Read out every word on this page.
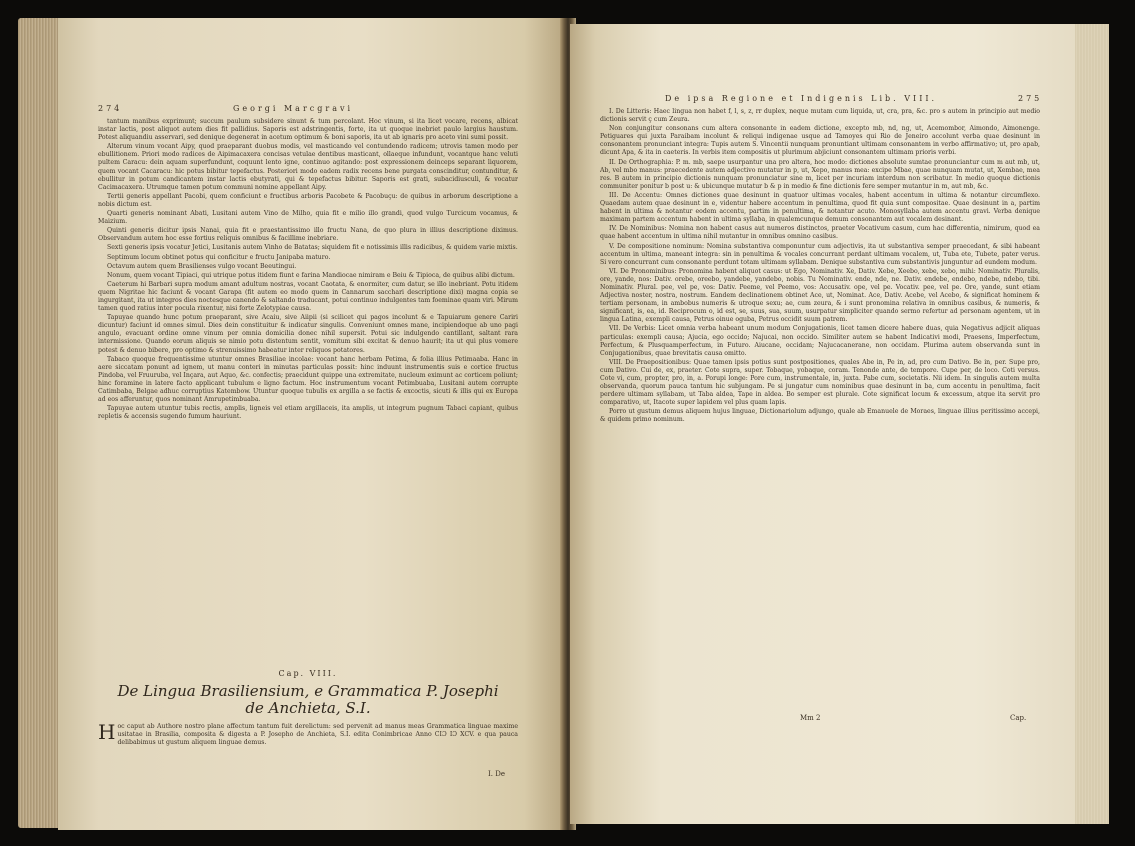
274	Georgi Marcgravi

tantum manibus exprimunt; succum paulum subsidere sinunt & tum percolant. Hoc vinum, si ita licet vocare, recens, albicat instar lactis, post aliquot autem dies fit pallidius. Saporis est adstringentis, forte, ita ut quoque inebriet paulo largius haustum. Potest aliquandiu asservari, sed denique degenerat in acetum optimum & boni saporis, ita ut ab ignaris pro aceto vini sumi possit.

Alterum vinum vocant Aipy, quod praeparant duobus modis, vel masticando vel contundendo radicem; utrovis tamen modo per ebullitionem. Priori modo radices de Aipimacaxera concisas vetulae dentibus masticant, ollaeque infundunt, vocantque hanc veluti pultem Caracu: dein aquam superfundunt, coquunt lento igne, continuo agitando: post expressionem deinceps separant liquorem, quem vocant Cacaracu: hic potus bibitur tepefactus. Posteriori modo eadem radix recens bene purgata conscinditur, contunditur, & ebullitur in potum candicantem instar lactis ebutyrati, qui & tepefactus bibitur. Saporis est grati, subacidiusculi, & vocatur Cacimacaxera. Utrumque tamen potum communi nomine appellant Aipy.

Tertii generis appellant Pacobi, quem conficiunt e fructibus arboris Pacobete & Pacobuçu: de quibus in arborum descriptione a nobis dictum est.

Quarti generis nominant Abati, Lusitani autem Vino de Milho, quia fit e milio illo grandi, quod vulgo Turcicum vocamus, & Maizium.

Quinti generis dicitur ipsis Nanai, quia fit e praestantissimo illo fructu Nana, de quo plura in illius descriptione diximus. Observandum autem hoc esse fortius reliquis omnibus & facillime inebriare.

Sexti generis ipsis vocatur Jetici, Lusitanis autem Vinho de Batatas; siquidem fit e notissimis illis radicibus, & quidem varie mixtis.

Septimum locum obtinet potus qui conficitur e fructu Janipaba maturo.

Octavum autem quem Brasilienses vulgo vocant Beeutingui.

Nonum, quem vocant Tipiaci, qui utrique potus itidem fiunt e farina Mandiocae nimiram e Beiu & Tipioca, de quibus alibi dictum.

Caeterum hi Barbari supra modum amant adultum nostras, vocant Caotata, & enormiter, cum datur, se illo inebriant. Potu itidem quem Nigritae hic faciunt & vocant Garapa (fit autem eo modo quem in Cannarum sacchari descriptione dixi) magna copia se ingurgitant, ita ut integros dies noctesque canendo & saltando traducant, potui continuo indulgentes tam foeminae quam viri. Mirum tamen quod ratius inter pocula rixentur, nisi forte Zelotypiae causa.

Tapuyae quando hunc potum praeparant, sive Acaiu, sive Aiipii (si scilicet qui pagos incolunt & e Tapuiarum genere Cariri dicuntur) faciunt id omnes simul. Dies dein constituitur & indicatur singulis. Conveniunt omnes mane, incipiendoque ab uno pagi angulo, evacuant ordine omne vinum per omnia domicilia donec nihil supersit. Potui sic indulgendo cantillant, saltant rara intermissione. Quando eorum aliquis se nimio potu distentum sentit, vomitum sibi excitat & denuo haurit; ita ut qui plus vomere potest & denuo bibere, pro optimo & strenuissimo habeatur inter reliquos potatores.

Tabaco quoque frequentissime utuntur omnes Brasiliae incolae: vocant hanc herbam Petima, & folia illius Petimaaba. Hanc in aere siccatam ponunt ad ignem, ut manu conteri in minutas particulas possit: hinc induunt instrumentis suis e cortice fructus Pindoba, vel Fruuruba, vel Inçara, aut Aquo, &c. confectis; praecidunt quippe una extremitate, nucleum eximunt ac corticem poliunt; hinc foramine in latere facto applicant tubulum e ligno factum. Hoc instrumentum vocant Petimbuaba, Lusitani autem corrupte Catimbaba, Belgae adhuc corruptius Katembow. Utuntur quoque tubulis ex argilla a se factis & excoctis, sicuti & illis qui ex Europa ad eos afferuntur, quos nominant Amrupetimbuaba.

Tapuyae autem utuntur tubis rectis, amplis, ligneis vel etiam argillaceis, ita amplis, ut integrum pugnum Tabaci capiant, quibus repletis & accensis sugendo fumum hauriunt.

Cap. VIII.
De Lingua Brasiliensium, e Grammatica P. Josephi
de Anchieta, S.I.
Hoc caput ab Authore nostro plane affectum tantum fuit derelictum: sed pervenit ad manus meas Grammatica linguae maxime usitatae in Brasilia, composita & digesta a P. Josepho de Anchieta, S.I. edita Conimbricae Anno CIƆ IƆ XCV. e qua pauca delibabimus ut gustum aliquem linguae demus.
I. De
De ipsa Regione et Indigenis Lib. VIII.	275

I. De Litteris: Haec lingua non habet f, l, s, z, rr duplex, neque mutam cum liquida, ut, cra, pra, &c. pro s autem in principio aut medio dictionis servit ç cum Zeura.

Non conjungitur consonans cum altera consonante in eadem dictione, excepto mb, nd, ng, ut, Acemombor, Aimondo, Aimonenge. Petiguares qui juxta Paraibam incolunt & reliqui indigenae usque ad Tamoyes qui Rio de Jeneiro accolunt verba quae desinunt in consonantem pronunciant integra: Tupis autem S. Vincentii nunquam pronuntiant ultimam consonantem in verbo affirmativo; ut, pro apab, dicunt Apa, & ita in caeteris. In verbis item compositis ut plurimum abjiciunt consonantem ultimam prioris verbi.

II. De Orthographia: P. m. mb, saepe usurpantur una pro altera, hoc modo: dictiones absolute sumtae pronunciantur cum m aut mb, ut, Ab, vel mbo manus: praecedente autem adjectivo mutatur in p, ut, Xepo, manus mea: excipe Mbae, quae nunquam mutat, ut, Xembae, mea res. B autem in principio dictionis nunquam pronunciatur sine m, licet per incuriam interdum non scribatur. In medio quoque dictionis communiter ponitur b post u: & ubicunque mutatur b & p in medio & fine dictionis fere semper mutantur in m, aut mb, &c.

III. De Accentu: Omnes dictiones quae desinunt in quatuor ultimas vocales, habent accentum in ultima & notantur circumflexo. Quaedam autem quae desinunt in e, videntur habere accentum in penultima, quod fit quia sunt compositae. Quae desinunt in a, partim habent in ultima & notantur eodem accentu, partim in penultima, & notantur acuto. Monosyllaba autem accentu gravi. Verba denique maximam partem accentum habent in ultima syllaba, in qualemcunque demum consonantem aut vocalem desinant.

IV. De Nominibus: Nomina non habent casus aut numeros distinctos, praeter Vocativum casum, cum hac differentia, nimirum, quod ea quae habent accentum in ultima nihil mutantur in omnibus omnino casibus.

V. De compositione nominum: Nomina substantiva componuntur cum adjectivis, ita ut substantiva semper praecedant, & sibi habeant accentum in ultima, maneant integra: sin in penultima & vocales concurrant perdant ultimam vocalem, ut, Tuba ete, Tubete, pater verus. Si vero concurrant cum consonante perdunt totam ultimam syllabam. Denique substantiva cum substantivis junguntur ad eundem modum.

VI. De Pronominibus: Pronomina habent aliquot casus: ut Ego, Nominativ. Xe, Dativ. Xebe, Xeebo, xebe, xebo, mihi: Nominativ. Pluralis, ore, yande, nos: Dativ. orebe, oreebo, yandebe, yandebo, nobis. Tu Nominativ. ende, nde, ne. Dativ. endebe, endebo, ndebe, ndebo, tibi. Nominativ. Plural. pee, vel pe, vos: Dativ. Peeme, vel Peemo, vos: Accusativ. ope, vel pe. Vocativ. pee, vel pe. Ore, yande, sunt etiam Adjectiva noster, nostra, nostrum. Eandem declinationem obtinet Ace, ut, Nominat. Ace, Dativ. Acebe, vel Acebo, & significat hominem & tertiam personam, in ambobus numeris & utroque sexu; ae, cum zeura, & i sunt pronomina relativa in omnibus casibus, & numeris, & significant, is, ea, id. Reciprocum o, id est, se, suus, sua, suum, usurpatur simpliciter quando sermo refertur ad personam agentem, ut in lingua Latina, exempli causa, Petrus oinue oguba, Petrus occidit suum patrem.

VII. De Verbis: Licet omnia verba habeant unum modum Conjugationis, licet tamen dicere habere duas, quia Negativus adjicit aliquas particulas: exempli causa; Ajucia, ego occido; Najucai, non occido. Similiter autem se habent Indicativi modi, Praesens, Imperfectum, Perfectum, & Plusquamperfectum, in Futuro. Aiucane, occidam; Najucacanerane, non occidam. Plurima autem observanda sunt in Conjugationibus, quae brevitatis causa omitto.

VIII. De Praepositionibus: Quae tamen ipsis potius sunt postpositiones, quales Abe in, Pe in, ad, pro cum Dativo. Be in, per. Supe pro, cum Dativo. Cui de, ex, praeter. Cote supra, super. Tobaque, yobaque, coram. Tenonde ante, de tempore. Cupe per, de loco. Coti versus. Cote vi, cum, propter, pro, in, a. Porupi longe: Pore cum, instrumentale, in, juxta. Pabe cum, societatis. Nii idem. In singulis autem multa observanda, quorum pauca tantum hic subjungam. Pe si jungatur cum nominibus quae desinunt in ba, cum accentu in penultima, facit perdere ultimam syllabam, ut Taba aldea, Tape in aldea. Bo semper est plurale. Cote significat locum & excessum, atque ita servit pro comparativo, ut, Itacote super lapidem vel plus quam lapis.

Porro ut gustum demus aliquem hujus linguae, Dictionariolum adjungo, quale ab Emanuele de Moraes, linguae illius peritissimo accepi, & quidem primo nominum.

Mm 2	Cap.
